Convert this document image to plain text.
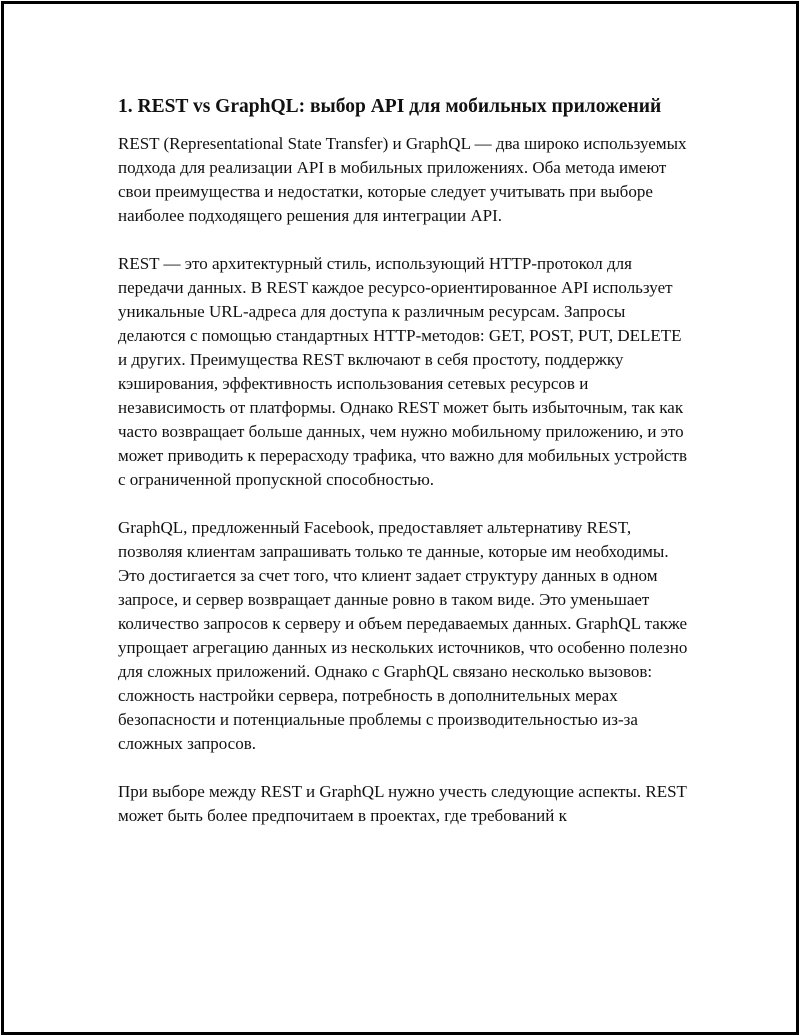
1. REST vs GraphQL: выбор API для мобильных приложений

REST (Representational State Transfer) и GraphQL — два широко используемых подхода для реализации API в мобильных приложениях. Оба метода имеют свои преимущества и недостатки, которые следует учитывать при выборе наиболее подходящего решения для интеграции API.

REST — это архитектурный стиль, использующий HTTP-протокол для передачи данных. В REST каждое ресурсо-ориентированное API использует уникальные URL-адреса для доступа к различным ресурсам. Запросы делаются с помощью стандартных HTTP-методов: GET, POST, PUT, DELETE и других. Преимущества REST включают в себя простоту, поддержку кэширования, эффективность использования сетевых ресурсов и независимость от платформы. Однако REST может быть избыточным, так как часто возвращает больше данных, чем нужно мобильному приложению, и это может приводить к перерасходу трафика, что важно для мобильных устройств с ограниченной пропускной способностью.

GraphQL, предложенный Facebook, предоставляет альтернативу REST, позволяя клиентам запрашивать только те данные, которые им необходимы. Это достигается за счет того, что клиент задает структуру данных в одном запросе, и сервер возвращает данные ровно в таком виде. Это уменьшает количество запросов к серверу и объем передаваемых данных. GraphQL также упрощает агрегацию данных из нескольких источников, что особенно полезно для сложных приложений. Однако с GraphQL связано несколько вызовов: сложность настройки сервера, потребность в дополнительных мерах безопасности и потенциальные проблемы с производительностью из-за сложных запросов.

При выборе между REST и GraphQL нужно учесть следующие аспекты. REST может быть более предпочитаем в проектах, где требований к
